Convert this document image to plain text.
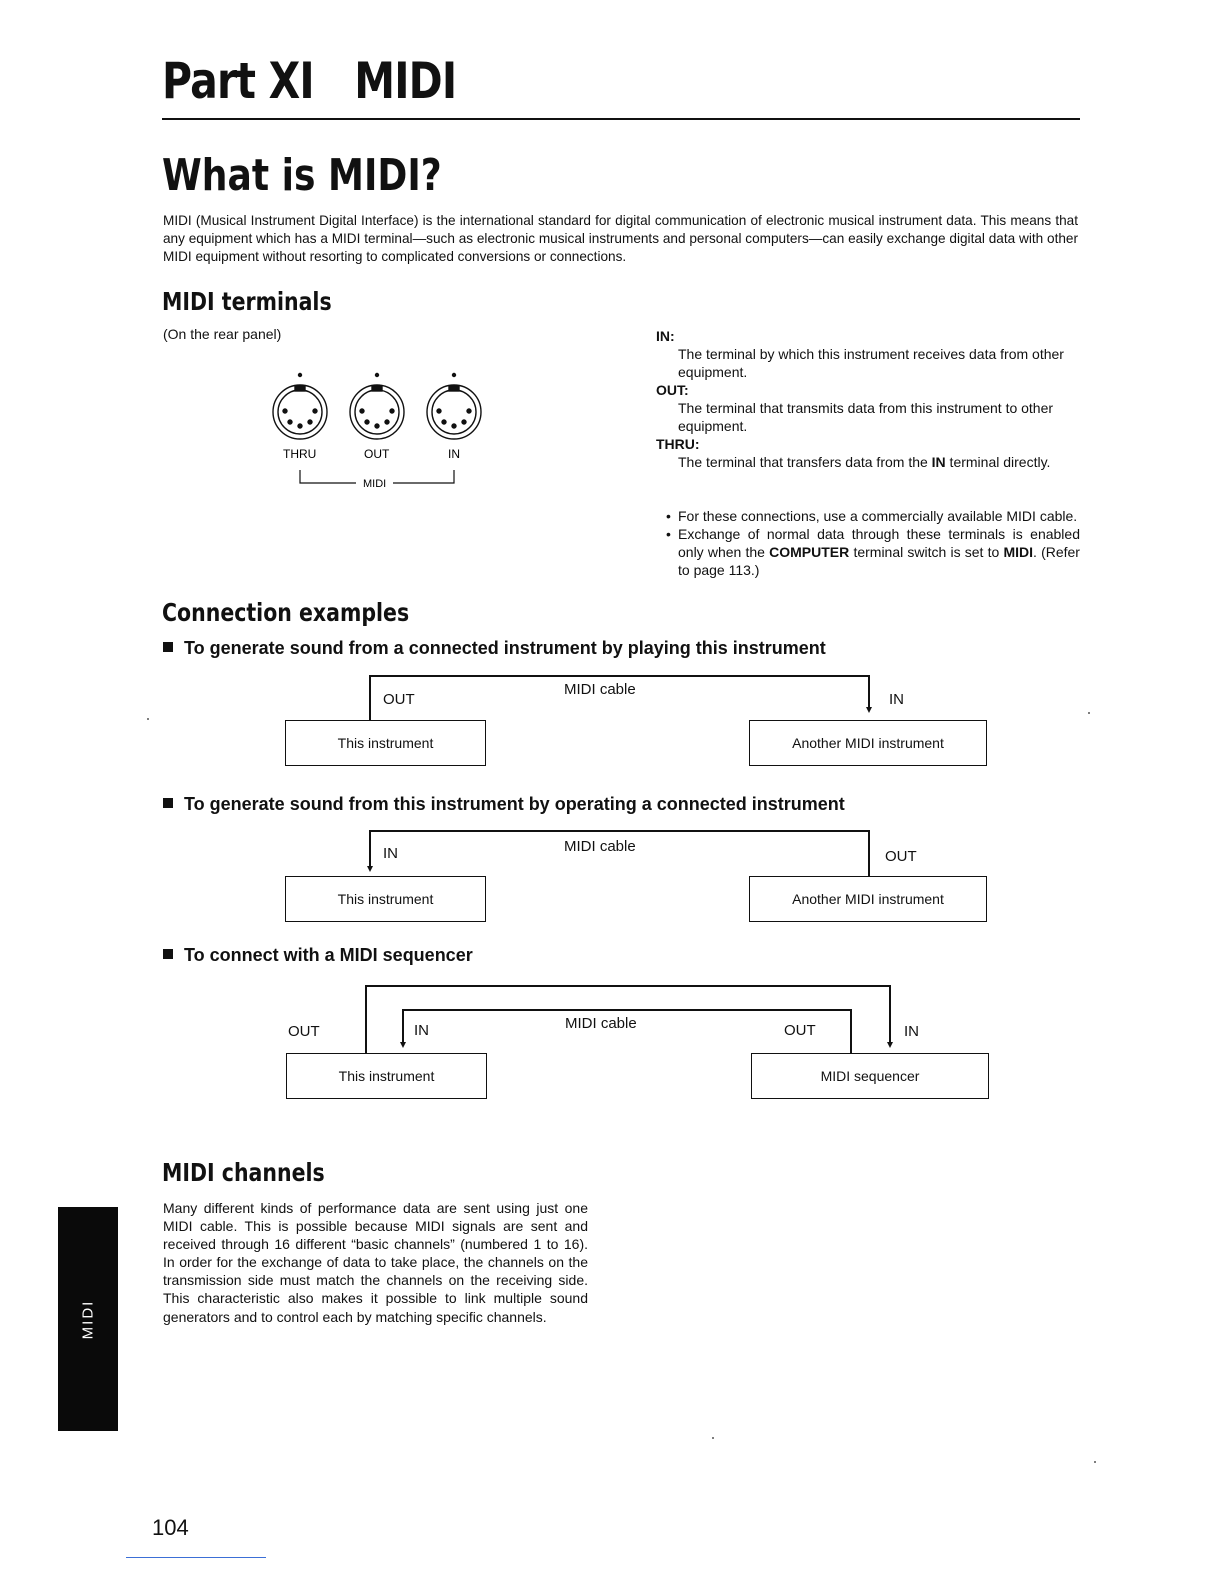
Part XI MIDI
What is MIDI?

MIDI (Musical Instrument Digital Interface) is the international standard for digital communication of electronic musical instrument data. This means that any equipment which has a MIDI terminal—such as electronic musical instruments and personal computers—can easily exchange digital data with other MIDI equipment without resorting to complicated conversions or connections.

MIDI terminals
(On the rear panel)
THRU	OUT	IN
MIDI
IN:
The terminal by which this instrument receives data from other equipment.
OUT:
The terminal that transmits data from this instrument to other equipment.
THRU:
The terminal that transfers data from the IN terminal directly.
• For these connections, use a commercially available MIDI cable.
• Exchange of normal data through these terminals is enabled only when the COMPUTER terminal switch is set to MIDI. (Refer to page 113.)
Connection examples
To generate sound from a connected instrument by playing this instrument
OUT
MIDI cable
IN
This instrument	Another MIDI instrument
To generate sound from this instrument by operating a connected instrument
IN	MIDI cable
OUT
This instrument	Another MIDI instrument
To connect with a MIDI sequencer
OUT	IN	MIDI cable	OUT	IN
This instrument	MIDI sequencer
MIDI channels

Many different kinds of performance data are sent using just one MIDI cable. This is possible because MIDI signals are sent and received through 16 different “basic channels” (numbered 1 to 16). In order for the exchange of data to take place, the channels on the transmission side must match the channels on the receiving side. This characteristic also makes it possible to link multiple sound generators and to control each by matching specific channels.

MIDI
104
